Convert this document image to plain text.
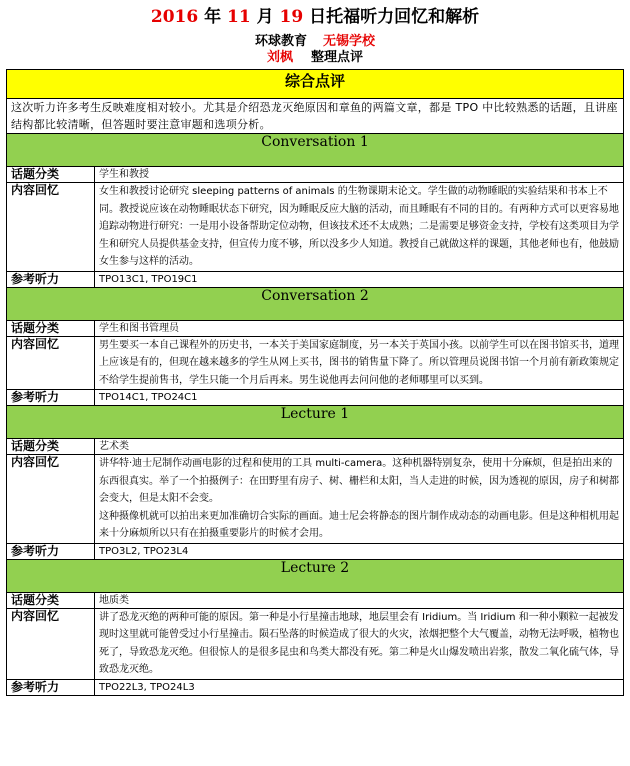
2016 年 11 月 19 日托福听力回忆和解析
环球教育 无锡学校
刘枫 整理点评
综合点评	
这次听力许多考生反映难度相对较小。尤其是介绍恐龙灭绝原因和章鱼的两篇文章，都是 TPO 中比较熟悉的话题，且讲座结构都比较清晰，但答题时要注意审题和选项分析。	
Conversation 1	
话题分类	学生和教授
内容回忆	女生和教授讨论研究 sleeping patterns of animals 的生物课期末论文。学生做的动物睡眠的实验结果和书本上不同。教授说应该在动物睡眠状态下研究，因为睡眠反应大脑的活动，而且睡眠有不同的目的。有两种方式可以更容易地追踪动物进行研究：一是用小设备帮助定位动物，但该技术还不太成熟；二是需要足够资金支持，学校有这类项目为学生和研究人员提供基金支持，但宣传力度不够，所以没多少人知道。教授自己就做这样的课题，其他老师也有，他鼓励女生参与这样的活动。

参考听力	TPO13C1, TPO19C1
Conversation 2	
话题分类	学生和图书管理员
内容回忆	男生要买一本自己课程外的历史书，一本关于美国家庭制度，另一本关于英国小孩。以前学生可以在图书馆买书，道理上应该是有的，但现在越来越多的学生从网上买书，图书的销售量下降了。所以管理员说图书馆一个月前有新政策规定不给学生提前售书，学生只能一个月后再来。男生说他再去问问他的老师哪里可以买到。

参考听力	TPO14C1, TPO24C1
Lecture 1	
话题分类	艺术类
内容回忆	讲华特·迪士尼制作动画电影的过程和使用的工具 multi-camera。这种机器特别复杂，使用十分麻烦，但是拍出来的东西很真实。举了一个拍摄例子：在田野里有房子、树、栅栏和太阳，当人走进的时候，因为透视的原因，房子和树都会变大，但是太阳不会变。
这种摄像机就可以拍出来更加准确切合实际的画面。迪士尼会将静态的图片制作成动态的动画电影。但是这种相机用起来十分麻烦所以只有在拍摄重要影片的时候才会用。

参考听力	TPO3L2, TPO23L4
Lecture 2	
话题分类	地质类
内容回忆	讲了恐龙灭绝的两种可能的原因。第一种是小行星撞击地球，地层里会有 Iridium。当 Iridium 和一种小颗粒一起被发现时这里就可能曾受过小行星撞击。陨石坠落的时候造成了很大的火灾，浓烟把整个大气覆盖，动物无法呼吸，植物也死了，导致恐龙灭绝。但很惊人的是很多昆虫和鸟类大都没有死。第二种是火山爆发喷出岩浆，散发二氧化硫气体，导致恐龙灭绝。

参考听力	TPO22L3, TPO24L3
